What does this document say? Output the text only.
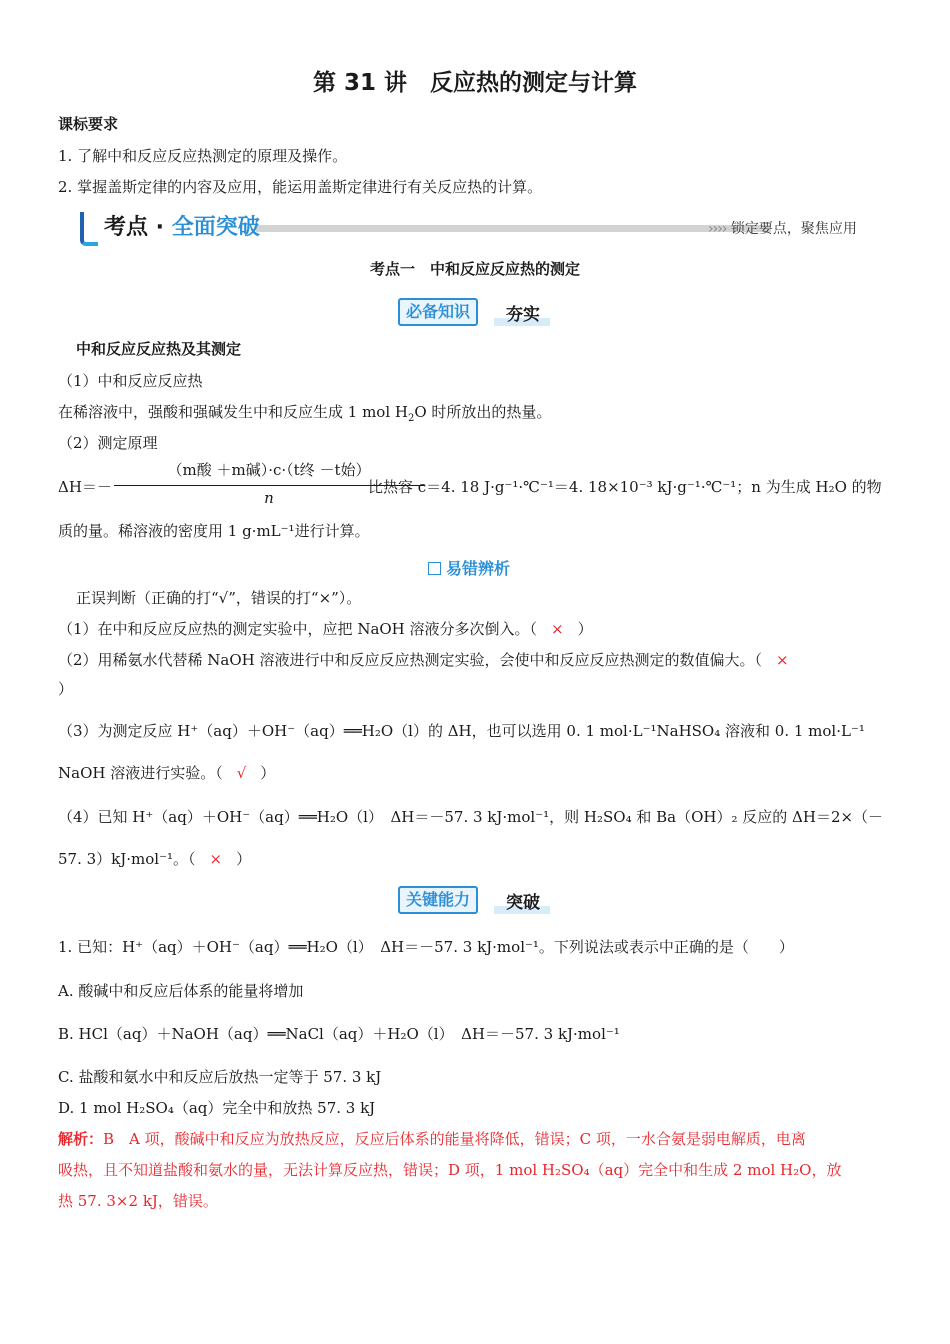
第 31 讲　反应热的测定与计算
课标要求
1. 了解中和反应反应热测定的原理及操作。
2. 掌握盖斯定律的内容及应用，能运用盖斯定律进行有关反应热的计算。
考点 · 全面突破	›››› 锁定要点，聚焦应用
考点一　中和反应反应热的测定
必备知识	夯实
中和反应反应热及其测定
（1）中和反应反应热
在稀溶液中，强酸和强碱发生中和反应生成 1 mol $H_2O$ 时所放出的热量。
（2）测定原理
ΔH＝－
（m酸 ＋m碱）·c·（t终 －t始）
n
比热容 c＝4. 18 J·g⁻¹·℃⁻¹＝4. 18×10⁻³ kJ·g⁻¹·℃⁻¹；n 为生成 H₂O 的物
质的量。稀溶液的密度用 1 g·mL⁻¹进行计算。
易错辨析
正误判断（正确的打“√”，错误的打“×”）。
（1）在中和反应反应热的测定实验中，应把 NaOH 溶液分多次倒入。（ × ）
（2）用稀氨水代替稀 NaOH 溶液进行中和反应反应热测定实验，会使中和反应反应热测定的数值偏大。（ ×
）
（3）为测定反应 H⁺（aq）＋OH⁻（aq）══H₂O（l）的 ΔH，也可以选用 0. 1 mol·L⁻¹NaHSO₄ 溶液和 0. 1 mol·L⁻¹
NaOH 溶液进行实验。（ √ ）
（4）已知 H⁺（aq）＋OH⁻（aq）══H₂O（l）　ΔH＝－57. 3 kJ·mol⁻¹，则 H₂SO₄ 和 Ba（OH）₂ 反应的 ΔH＝2×（－
57. 3）kJ·mol⁻¹。（ × ）
关键能力	突破
1. 已知：H⁺（aq）＋OH⁻（aq）══H₂O（l）　ΔH＝－57. 3 kJ·mol⁻¹。下列说法或表示中正确的是（　　）
A. 酸碱中和反应后体系的能量将增加
B. HCl（aq）＋NaOH（aq）══NaCl（aq）＋H₂O（l）　ΔH＝－57. 3 kJ·mol⁻¹
C. 盐酸和氨水中和反应后放热一定等于 57. 3 kJ
D. 1 mol H₂SO₄（aq）完全中和放热 57. 3 kJ
解析：B　A 项，酸碱中和反应为放热反应，反应后体系的能量将降低，错误；C 项，一水合氨是弱电解质，电离
吸热，且不知道盐酸和氨水的量，无法计算反应热，错误；D 项，1 mol H₂SO₄（aq）完全中和生成 2 mol H₂O，放
热 57. 3×2 kJ，错误。
